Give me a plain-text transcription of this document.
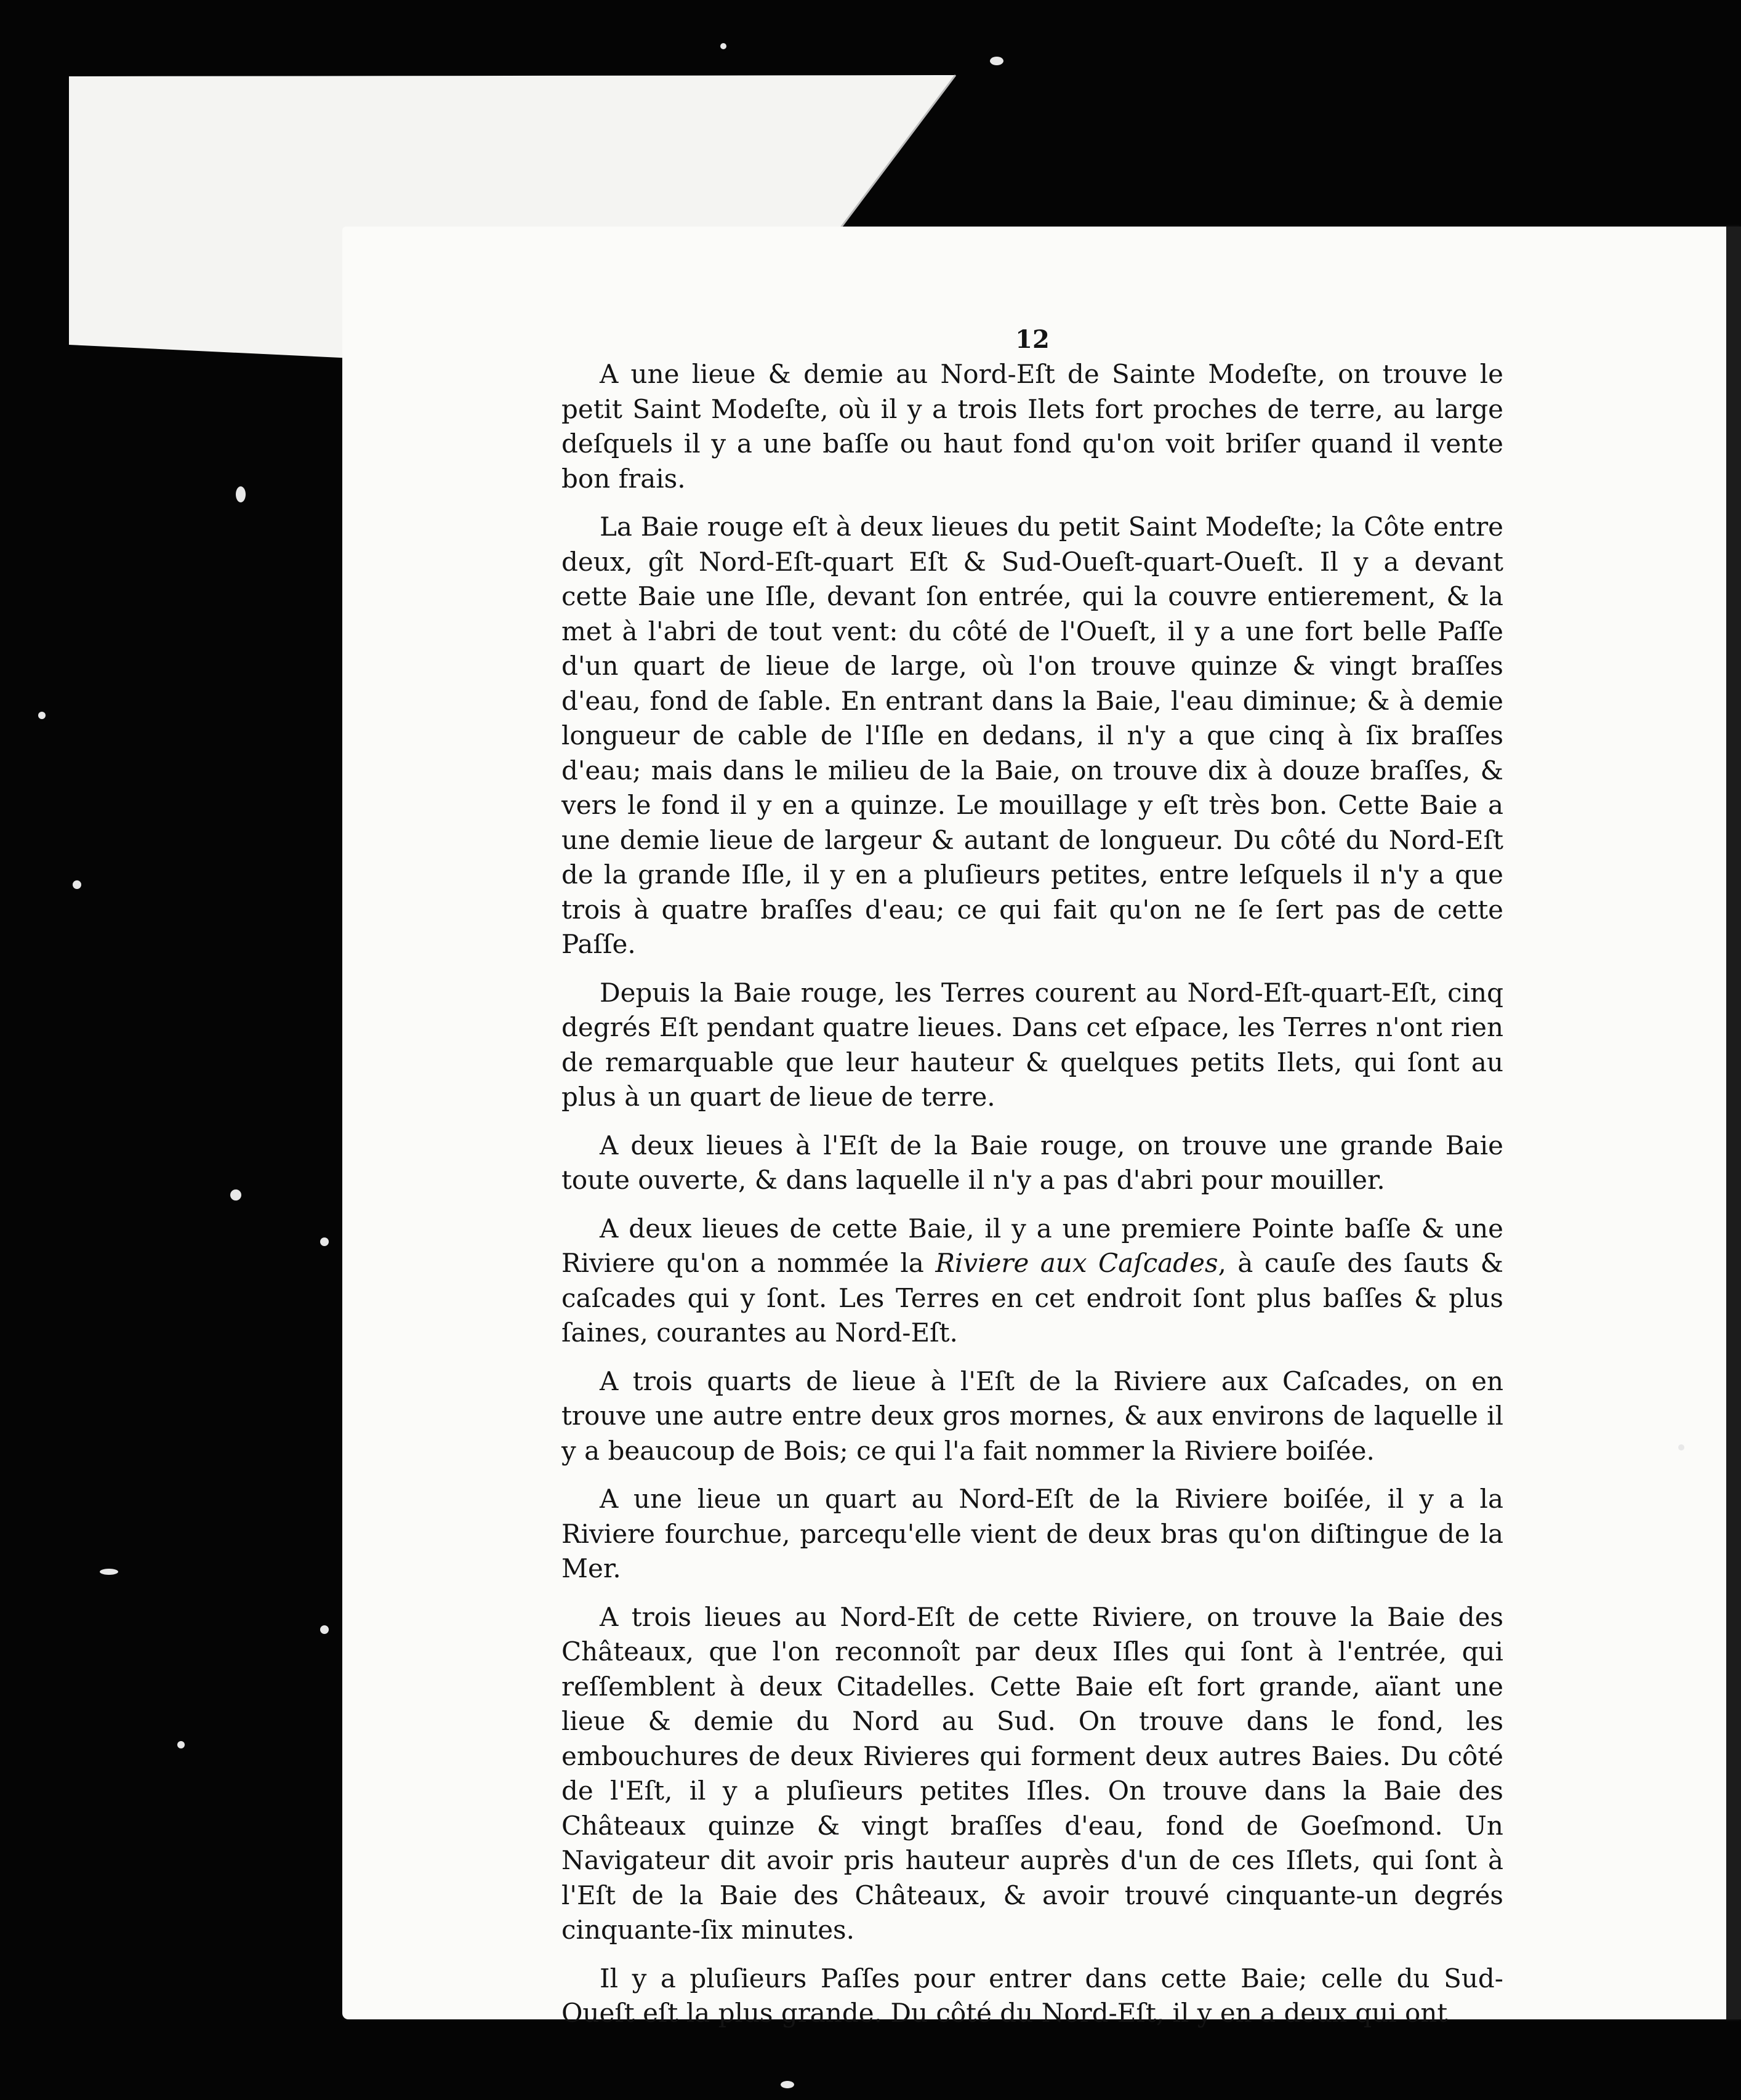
12

A une lieue & demie au Nord-Eſt de Sainte Modeſte, on trouve le petit Saint Modeſte, où il y a trois Ilets fort proches de terre, au large deſquels il y a une baſſe ou haut fond qu'on voit briſer quand il vente bon frais.

La Baie rouge eſt à deux lieues du petit Saint Modeſte; la Côte entre deux, gît Nord-Eſt-quart Eſt & Sud-Oueſt-quart-Oueſt. Il y a devant cette Baie une Iſle, devant ſon entrée, qui la couvre entierement, & la met à l'abri de tout vent: du côté de l'Oueſt, il y a une fort belle Paſſe d'un quart de lieue de large, où l'on trouve quinze & vingt braſſes d'eau, fond de ſable. En entrant dans la Baie, l'eau diminue; & à demie longueur de cable de l'Iſle en dedans, il n'y a que cinq à ſix braſſes d'eau; mais dans le milieu de la Baie, on trouve dix à douze braſſes, & vers le fond il y en a quinze. Le mouillage y eſt très bon. Cette Baie a une demie lieue de largeur & autant de longueur. Du côté du Nord-Eſt de la grande Iſle, il y en a pluſieurs petites, entre leſquels il n'y a que trois à quatre braſſes d'eau; ce qui fait qu'on ne ſe ſert pas de cette Paſſe.

Depuis la Baie rouge, les Terres courent au Nord-Eſt-quart-Eſt, cinq degrés Eſt pendant quatre lieues. Dans cet eſpace, les Terres n'ont rien de remarquable que leur hauteur & quelques petits Ilets, qui ſont au plus à un quart de lieue de terre.

A deux lieues à l'Eſt de la Baie rouge, on trouve une grande Baie toute ouverte, & dans laquelle il n'y a pas d'abri pour mouiller.

A deux lieues de cette Baie, il y a une premiere Pointe baſſe & une Riviere qu'on a nommée la Riviere aux Caſcades, à cauſe des ſauts & caſcades qui y ſont. Les Terres en cet endroit ſont plus baſſes & plus ſaines, courantes au Nord-Eſt.

A trois quarts de lieue à l'Eſt de la Riviere aux Caſcades, on en trouve une autre entre deux gros mornes, & aux environs de laquelle il y a beaucoup de Bois; ce qui l'a fait nommer la Riviere boiſée.

A une lieue un quart au Nord-Eſt de la Riviere boiſée, il y a la Riviere fourchue, parcequ'elle vient de deux bras qu'on diſtingue de la Mer.

A trois lieues au Nord-Eſt de cette Riviere, on trouve la Baie des Châteaux, que l'on reconnoît par deux Iſles qui ſont à l'entrée, qui reſſemblent à deux Citadelles. Cette Baie eſt fort grande, aïant une lieue & demie du Nord au Sud. On trouve dans le fond, les embouchures de deux Rivieres qui forment deux autres Baies. Du côté de l'Eſt, il y a pluſieurs petites Iſles. On trouve dans la Baie des Châteaux quinze & vingt braſſes d'eau, fond de Goeſmond. Un Navigateur dit avoir pris hauteur auprès d'un de ces Iſlets, qui ſont à l'Eſt de la Baie des Châteaux, & avoir trouvé cinquante-un degrés cinquante-ſix minutes.

Il y a pluſieurs Paſſes pour entrer dans cette Baie; celle du Sud-Oueſt eſt la plus grande. Du côté du Nord-Eſt, il y en a deux qui ont
